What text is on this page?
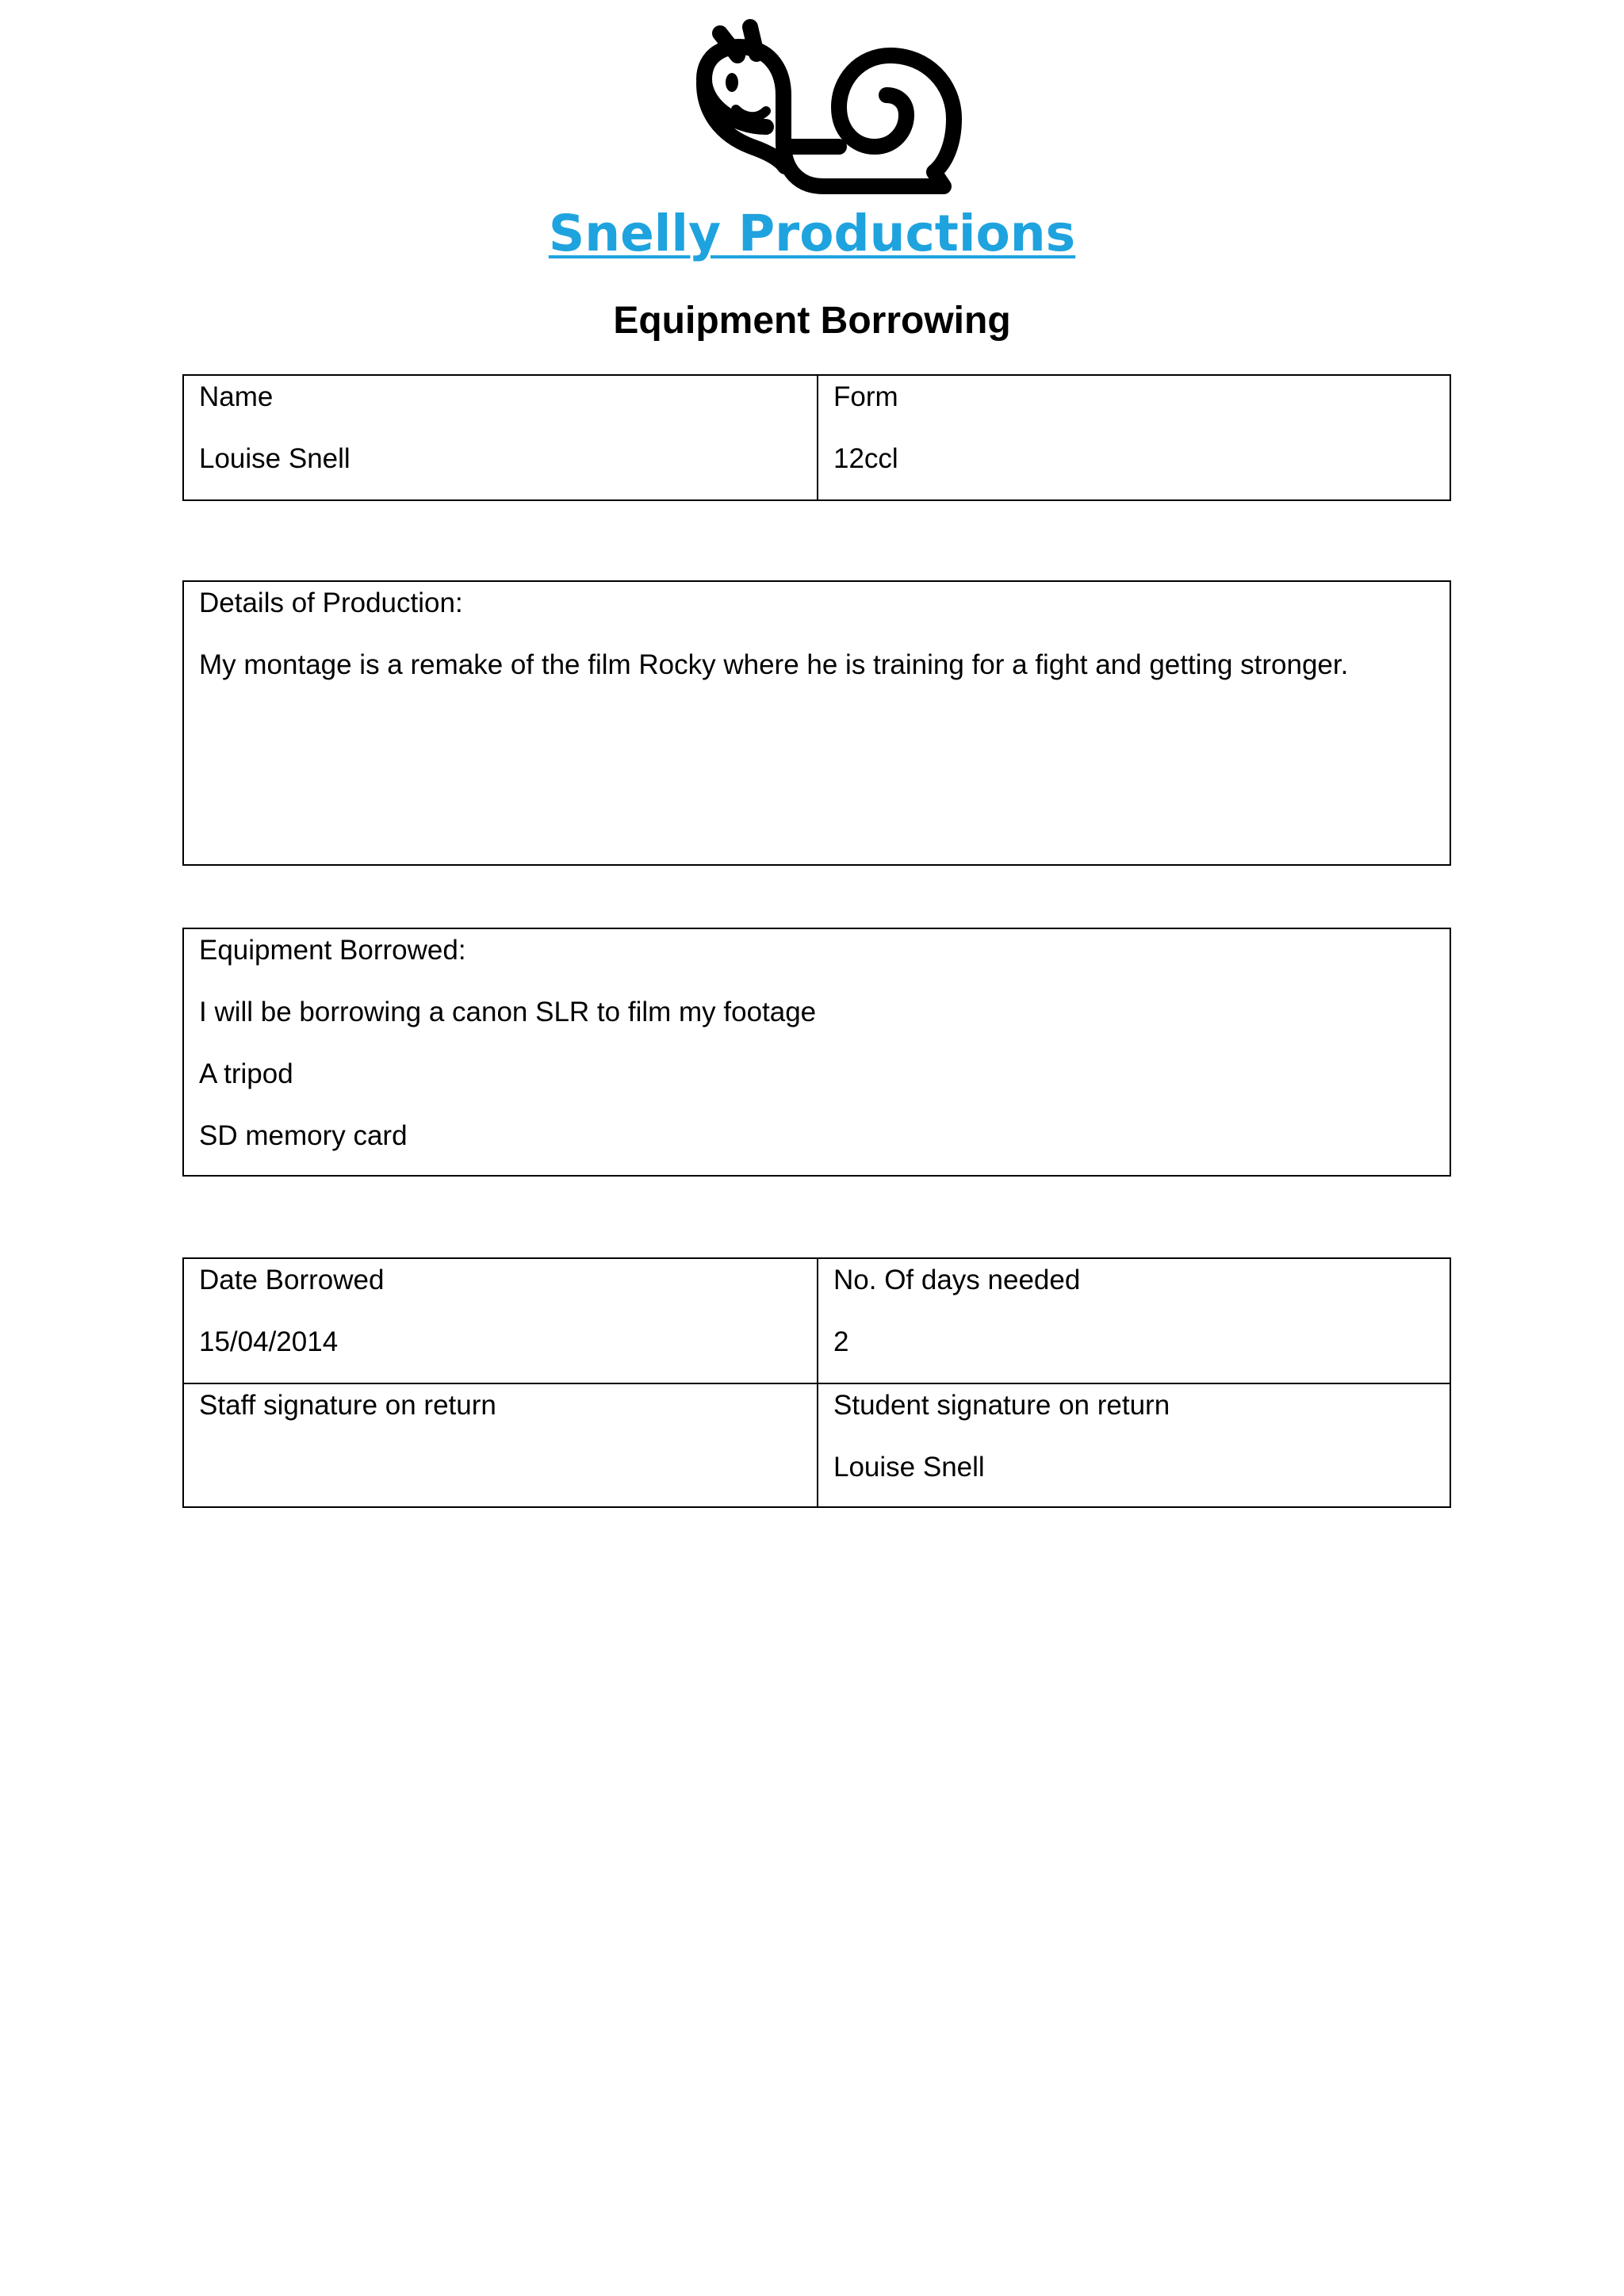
Snelly Productions
Equipment Borrowing
Name
Louise Snell
Form
12ccl
Details of Production:
My montage is a remake of the film Rocky where he is training for a fight and getting stronger.
Equipment Borrowed:
I will be borrowing a canon SLR to film my footage
A tripod
SD memory card
Date Borrowed
15/04/2014
No. Of days needed
2
Staff signature on return	Student signature on return
Louise Snell
